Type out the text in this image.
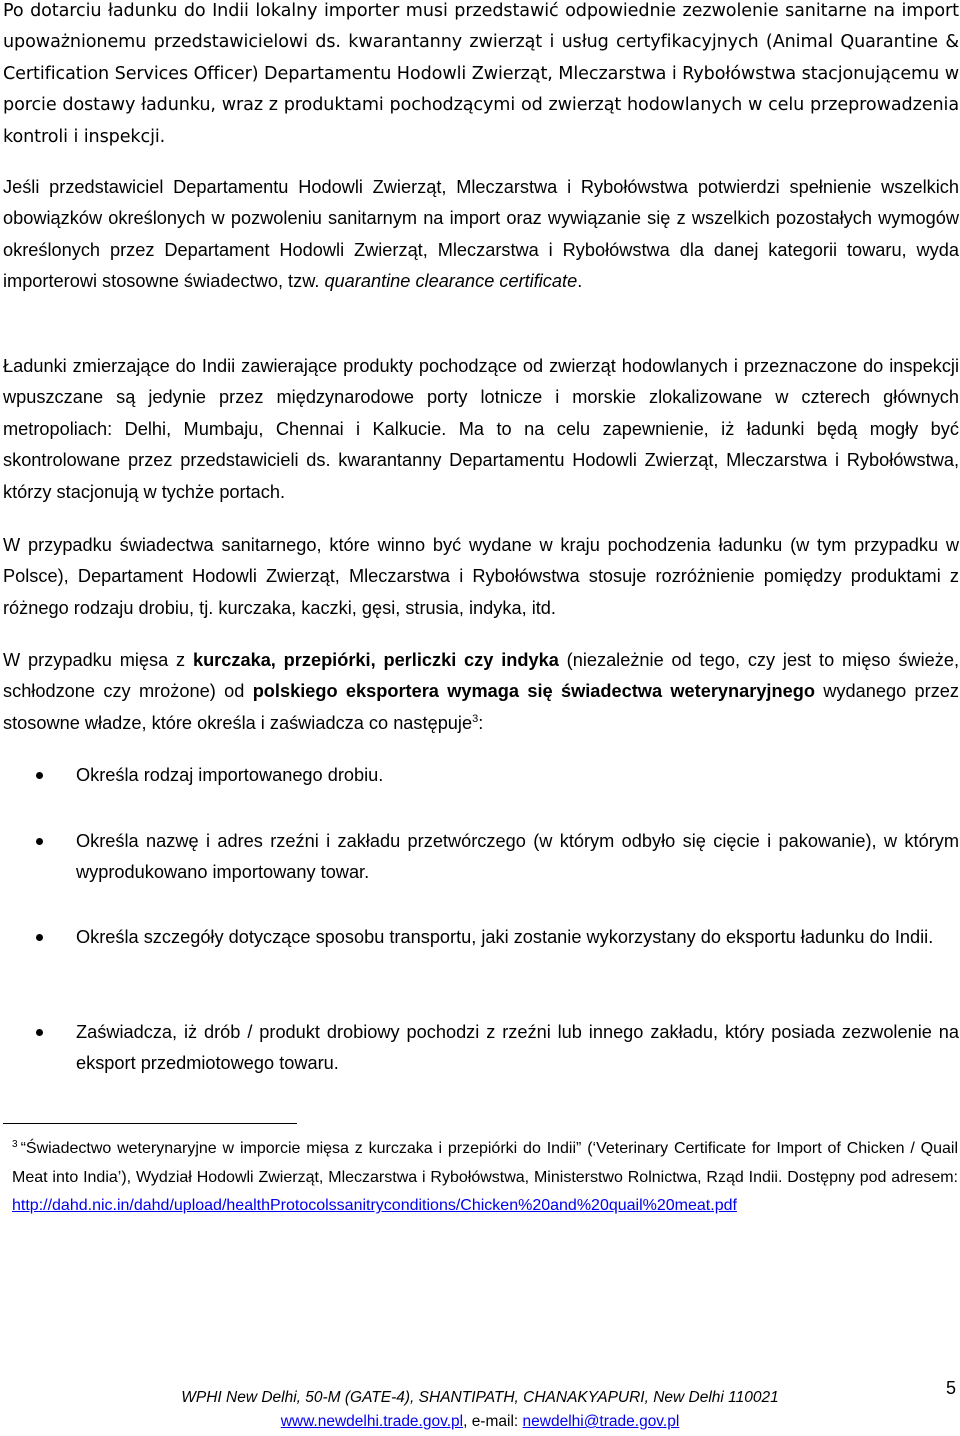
Po dotarciu ładunku do Indii lokalny importer musi przedstawić odpowiednie zezwolenie sanitarne na import upoważnionemu przedstawicielowi ds. kwarantanny zwierząt i usług certyfikacyjnych (Animal Quarantine & Certification Services Officer) Departamentu Hodowli Zwierząt, Mleczarstwa i Rybołówstwa stacjonującemu w porcie dostawy ładunku, wraz z produktami pochodzącymi od zwierząt hodowlanych w celu przeprowadzenia kontroli i inspekcji.

Jeśli przedstawiciel Departamentu Hodowli Zwierząt, Mleczarstwa i Rybołówstwa potwierdzi spełnienie wszelkich obowiązków określonych w pozwoleniu sanitarnym na import oraz wywiązanie się z wszelkich pozostałych wymogów określonych przez Departament Hodowli Zwierząt, Mleczarstwa i Rybołówstwa dla danej kategorii towaru, wyda importerowi stosowne świadectwo, tzw. quarantine clearance certificate.

Ładunki zmierzające do Indii zawierające produkty pochodzące od zwierząt hodowlanych i przeznaczone do inspekcji wpuszczane są jedynie przez międzynarodowe porty lotnicze i morskie zlokalizowane w czterech głównych metropoliach: Delhi, Mumbaju, Chennai i Kalkucie. Ma to na celu zapewnienie, iż ładunki będą mogły być skontrolowane przez przedstawicieli ds. kwarantanny Departamentu Hodowli Zwierząt, Mleczarstwa i Rybołówstwa, którzy stacjonują w tychże portach.

W przypadku świadectwa sanitarnego, które winno być wydane w kraju pochodzenia ładunku (w tym przypadku w Polsce), Departament Hodowli Zwierząt, Mleczarstwa i Rybołówstwa stosuje rozróżnienie pomiędzy produktami z różnego rodzaju drobiu, tj. kurczaka, kaczki, gęsi, strusia, indyka, itd.

W przypadku mięsa z kurczaka, przepiórki, perliczki czy indyka (niezależnie od tego, czy jest to mięso świeże, schłodzone czy mrożone) od polskiego eksportera wymaga się świadectwa weterynaryjnego wydanego przez stosowne władze, które określa i zaświadcza co następuje$^3$:

Określa rodzaj importowanego drobiu.

Określa nazwę i adres rzeźni i zakładu przetwórczego (w którym odbyło się cięcie i pakowanie), w którym wyprodukowano importowany towar.

Określa szczegóły dotyczące sposobu transportu, jaki zostanie wykorzystany do eksportu ładunku do Indii.

Zaświadcza, iż drób / produkt drobiowy pochodzi z rzeźni lub innego zakładu, który posiada zezwolenie na eksport przedmiotowego towaru.

$^3$ “Świadectwo weterynaryjne w imporcie mięsa z kurczaka i przepiórki do Indii” (‘Veterinary Certificate for Import of Chicken / Quail Meat into India’), Wydział Hodowli Zwierząt, Mleczarstwa i Rybołówstwa, Ministerstwo Rolnictwa, Rząd Indii. Dostępny pod adresem: http://dahd.nic.in/dahd/upload/healthProtocolssanitryconditions/Chicken%20and%20quail%20meat.pdf

WPHI New Delhi, 50-M (GATE-4), SHANTIPATH, CHANAKYAPURI, New Delhi 110021
www.newdelhi.trade.gov.pl, e-mail: newdelhi@trade.gov.pl
5
